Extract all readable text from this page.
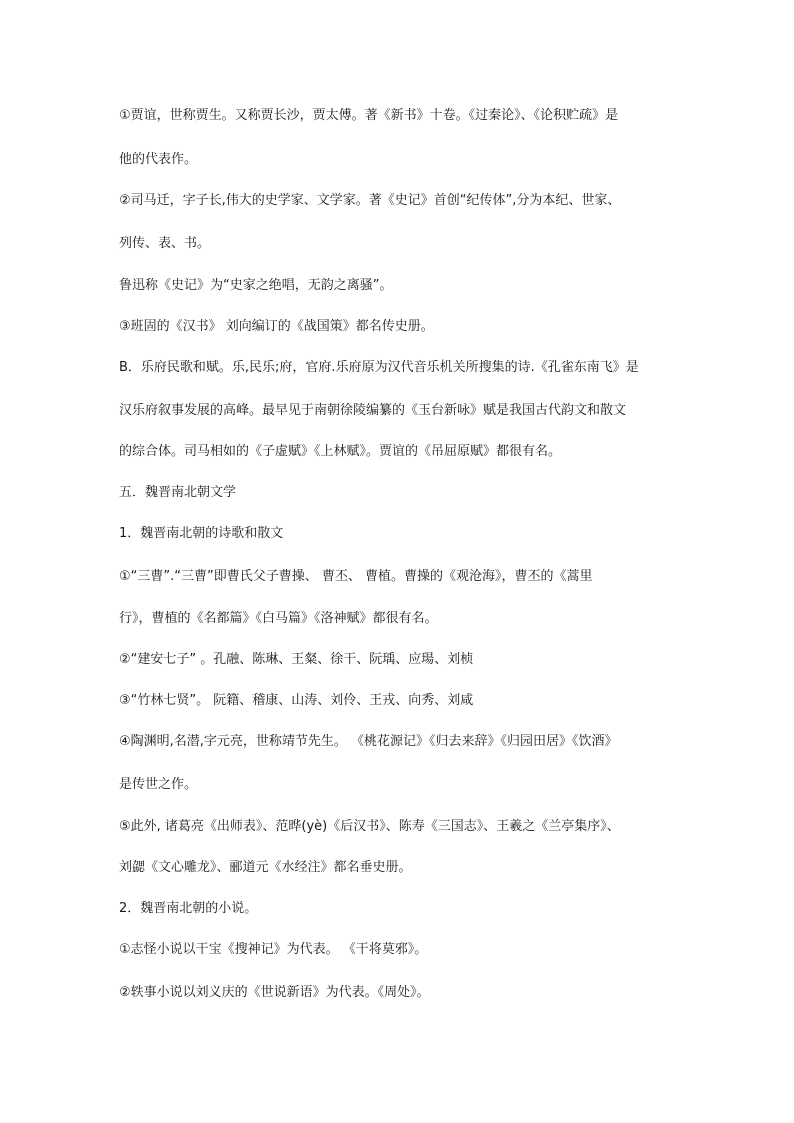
①贾谊，世称贾生。又称贾长沙，贾太傅。著《新书》十卷。《过秦论》、《论积贮疏》是
他的代表作。
②司马迁，字子长,伟大的史学家、文学家。著《史记》首创“纪传体”,分为本纪、世家、
列传、表、书。
鲁迅称《史记》为“史家之绝唱，无韵之离骚”。
③班固的《汉书》 刘向编订的《战国策》都名传史册。
B．乐府民歌和赋。乐,民乐;府，官府.乐府原为汉代音乐机关所搜集的诗.《孔雀东南飞》是
汉乐府叙事发展的高峰。最早见于南朝徐陵编纂的《玉台新咏》赋是我国古代韵文和散文
的综合体。司马相如的《子虚赋》《上林赋》。贾谊的《吊屈原赋》都很有名。
五．魏晋南北朝文学
1．魏晋南北朝的诗歌和散文
①“三曹”.“三曹”即曹氏父子曹操、 曹丕、 曹植。曹操的《观沧海》，曹丕的《蒿里
行》，曹植的《名都篇》《白马篇》《洛神赋》都很有名。
②“建安七子” 。孔融、陈琳、王粲、徐干、阮瑀、应瑒、刘桢
③“竹林七贤”。 阮籍、稽康、山涛、刘伶、王戎、向秀、刘咸
④陶渊明,名潜,字元亮，世称靖节先生。 《桃花源记》《归去来辞》《归园田居》《饮酒》
是传世之作。
⑤此外, 诸葛亮《出师表》、范晔(yè)《后汉书》、陈寿《三国志》、王羲之《兰亭集序》、
刘勰《文心雕龙》、郦道元《水经注》都名垂史册。
2．魏晋南北朝的小说。
①志怪小说以干宝《搜神记》为代表。 《干将莫邪》。
②轶事小说以刘义庆的《世说新语》为代表。《周处》。
